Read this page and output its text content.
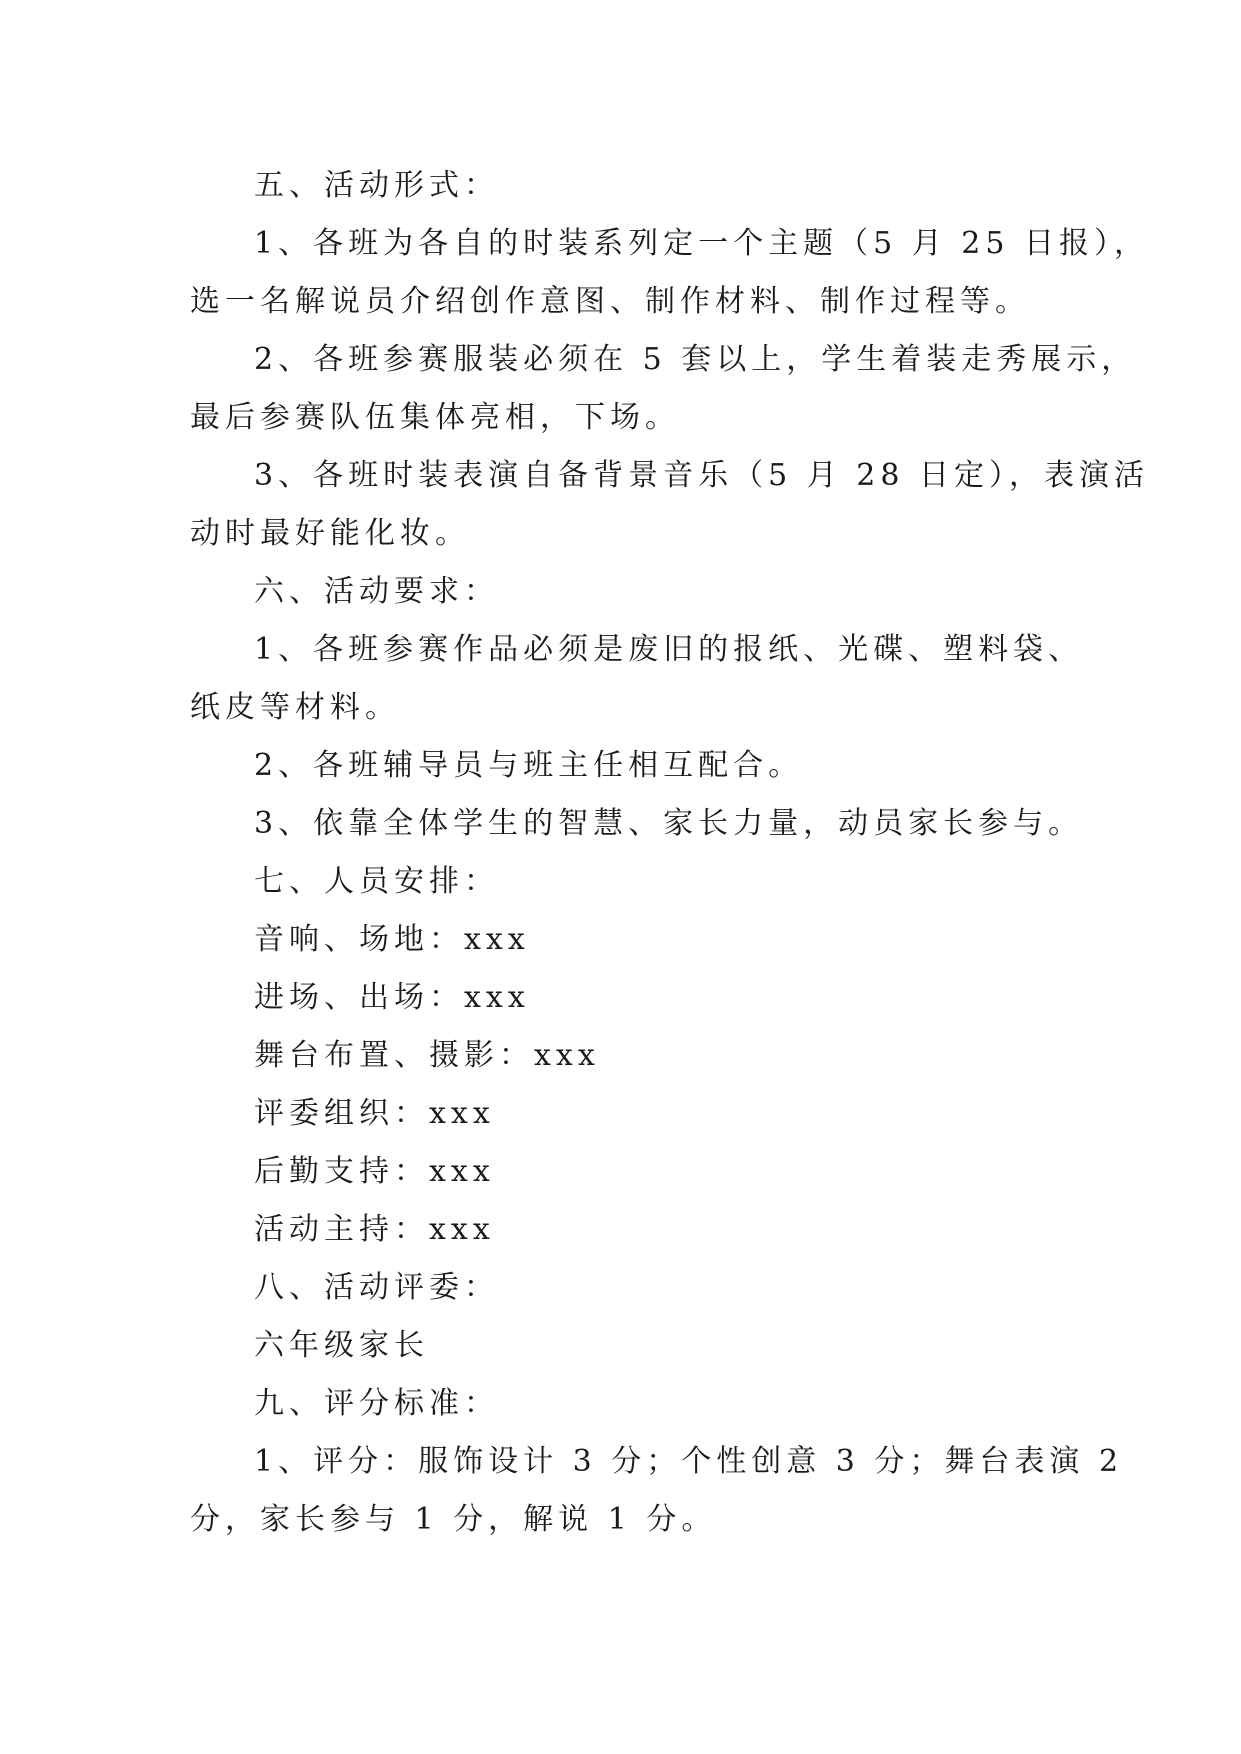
五、活动形式：
1、各班为各自的时装系列定一个主题（5 月 25 日报），
选一名解说员介绍创作意图、制作材料、制作过程等。
2、各班参赛服装必须在 5 套以上，学生着装走秀展示，
最后参赛队伍集体亮相，下场。
3、各班时装表演自备背景音乐（5 月 28 日定），表演活
动时最好能化妆。
六、活动要求：
1、各班参赛作品必须是废旧的报纸、光碟、塑料袋、
纸皮等材料。
2、各班辅导员与班主任相互配合。
3、依靠全体学生的智慧、家长力量，动员家长参与。
七、人员安排：
音响、场地：xxx
进场、出场：xxx
舞台布置、摄影：xxx
评委组织：xxx
后勤支持：xxx
活动主持：xxx
八、活动评委：
六年级家长
九、评分标准：
1、评分：服饰设计 3 分；个性创意 3 分；舞台表演 2
分，家长参与 1 分，解说 1 分。
